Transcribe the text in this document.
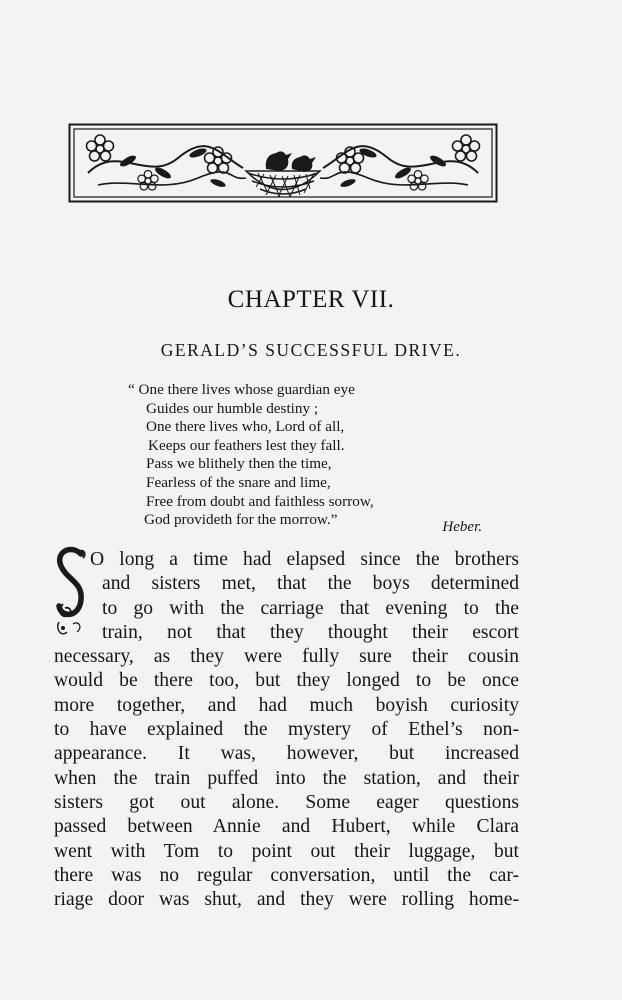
CHAPTER VII.
GERALD’S SUCCESSFUL DRIVE.
“ One there lives whose guardian eye
Guides our humble destiny ;
One there lives who, Lord of all,
Keeps our feathers lest they fall.
Pass we blithely then the time,
Fearless of the snare and lime,
Free from doubt and faithless sorrow,
God provideth for the morrow.”	Heber.
O long a time had elapsed since the brothers
and sisters met, that the boys determined
to go with the carriage that evening to the
train, not that they thought their escort
necessary, as they were fully sure their cousin
would be there too, but they longed to be once
more together, and had much boyish curiosity
to have explained the mystery of Ethel’s non-
appearance. It was, however, but increased
when the train puffed into the station, and their
sisters got out alone. Some eager questions
passed between Annie and Hubert, while Clara
went with Tom to point out their luggage, but
there was no regular conversation, until the car-
riage door was shut, and they were rolling home-
